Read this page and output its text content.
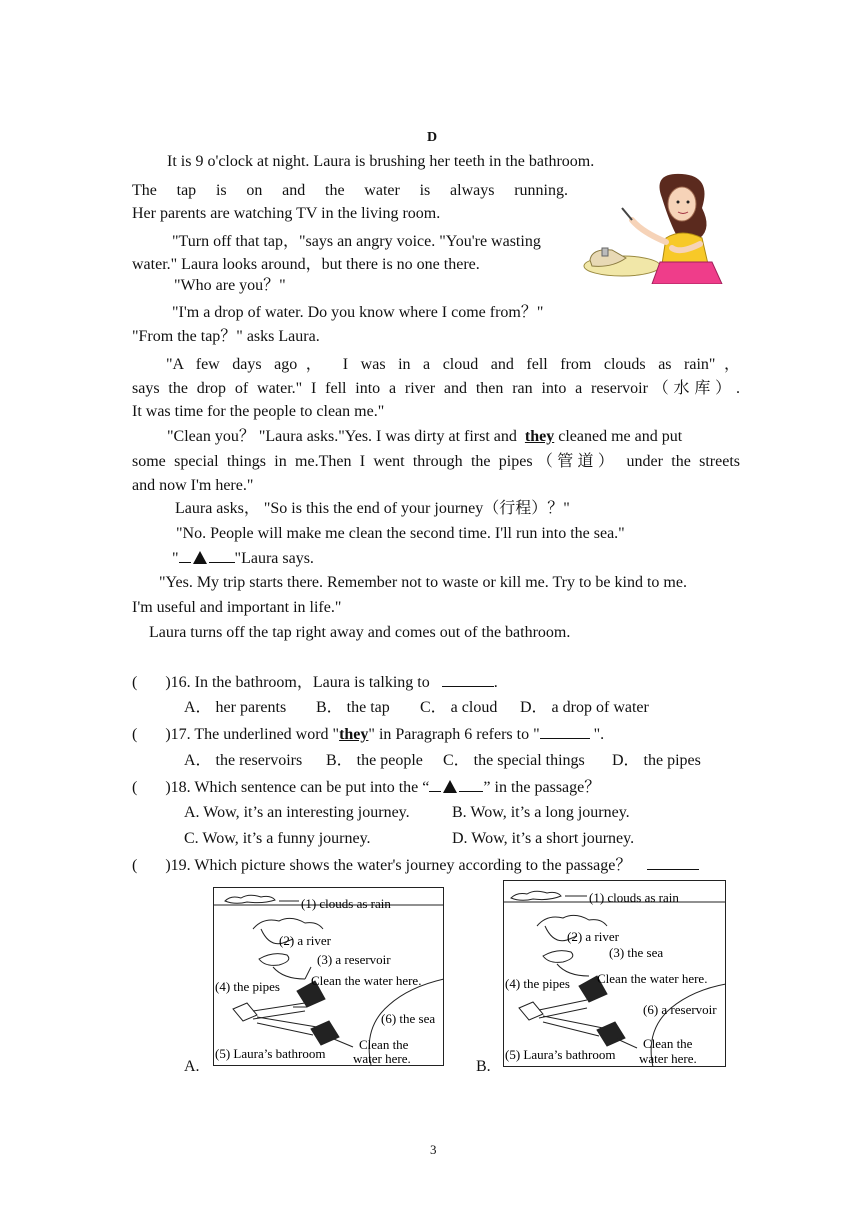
D
It is 9 o'clock at night. Laura is brushing her teeth in the bathroom.
The tap is on and the water is always running.
Her parents are watching TV in the living room.
"Turn off that tap，"says an angry voice. "You're wasting
water." Laura looks around，but there is no one there.
"Who are you？"
"I'm a drop of water. Do you know where I come from？"
"From the tap？" asks Laura.
"A few days ago， I was in a cloud and fell from clouds as rain"，
says the drop of water." I fell into a river and then ran into a reservoir（水库）.
It was time for the people to clean me."
"Clean you？ "Laura asks."Yes. I was dirty at first and they cleaned me and put
some special things in me.Then I went through the pipes（管道） under the streets
and now I'm here."
Laura asks， "So is this the end of your journey（行程）？"
"No. People will make me clean the second time. I'll run into the sea."
"	"Laura says.
"Yes. My trip starts there. Remember not to waste or kill me. Try to be kind to me.
I'm useful and important in life."
Laura turns off the tap right away and comes out of the bathroom.
( )16. In the bathroom，Laura is talking to	.
A． her parents B． the tap C． a cloud D． a drop of water
( )17. The underlined word "they" in Paragraph 6 refers to "	".
A． the reservoirs B． the people C． the special things D． the pipes
( )18. Which sentence can be put into the “	” in the passage？
A. Wow, it’s an interesting journey.	B. Wow, it’s a long journey.
C. Wow, it’s a funny journey.	D. Wow, it’s a short journey.
( )19. Which picture shows the water's journey according to the passage？
A.
(1) clouds as rain
(2) a river
(3) a reservoir
(4) the pipes Clean the water here.
(6) the sea
(5) Laura’s bathroom
Clean the
water here.	B.
(1) clouds as rain
(2) a river
(3) the sea
(4) the pipes Clean the water here.
(6) a reservoir
(5) Laura’s bathroom
Clean the
water here.
3
